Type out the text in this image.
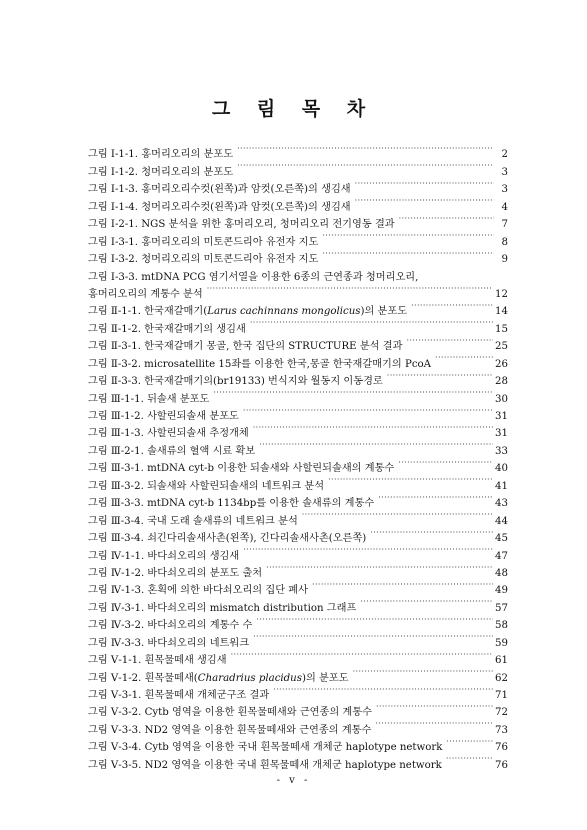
그 림 목 차
그림 Ⅰ-1-1. 홍머리오리의 분포도 ·····	2
그림 Ⅰ-1-2. 청머리오리의 분포도 ·····	3
그림 Ⅰ-1-3. 홍머리오리수컷(왼쪽)과 암컷(오른쪽)의 생김새 ·····	3
그림 Ⅰ-1-4. 청머리오리수컷(왼쪽)과 암컷(오른쪽)의 생김새 ·····	4
그림 Ⅰ-2-1. NGS 분석을 위한 홍머리오리, 청머리오리 전기영동 결과 ·····	7
그림 Ⅰ-3-1. 홍머리오리의 미토콘드리아 유전자 지도 ·····	8
그림 Ⅰ-3-2. 청머리오리의 미토콘드리아 유전자 지도 ·····	9
그림 Ⅰ-3-3. mtDNA PCG 염기서열을 이용한 6종의 근연종과 청머리오리,
홍머리오리의 계통수 분석 ·····	12
그림 Ⅱ-1-1. 한국재갈매기(Larus cachinnans mongolicus)의 분포도 ·····	14
그림 Ⅱ-1-2. 한국재갈매기의 생김새 ·····	15
그림 Ⅱ-3-1. 한국재갈매기 몽골, 한국 집단의 STRUCTURE 분석 결과 ·····	25
그림 Ⅱ-3-2. microsatellite 15좌를 이용한 한국,몽골 한국재갈매기의 PcoA ·····	26
그림 Ⅱ-3-3. 한국재갈매기의(br19133) 번식지와 월동지 이동경로 ·····	28
그림 Ⅲ-1-1. 뒤솔새 분포도 ·····	30
그림 Ⅲ-1-2. 사할린되솔새 분포도 ·····	31
그림 Ⅲ-1-3. 사할린되솔새 추정개체 ·····	31
그림 Ⅲ-2-1. 솔새류의 혈액 시료 확보 ·····	33
그림 Ⅲ-3-1. mtDNA cyt-b 이용한 되솔새와 사할린되솔새의 계통수 ·····	40
그림 Ⅲ-3-2. 되솔새와 사할린되솔새의 네트워크 분석 ·····	41
그림 Ⅲ-3-3. mtDNA cyt-b 1134bp를 이용한 솔새류의 계통수 ·····	43
그림 Ⅲ-3-4. 국내 도래 솔새류의 네트워크 분석 ·····	44
그림 Ⅲ-3-4. 쇠긴다리솔새사촌(왼쪽), 긴다리솔새사촌(오른쪽) ·····	45
그림 Ⅳ-1-1. 바다쇠오리의 생김새 ·····	47
그림 Ⅳ-1-2. 바다쇠오리의 분포도 출처 ·····	48
그림 Ⅳ-1-3. 혼획에 의한 바다쇠오리의 집단 폐사 ·····	49
그림 Ⅳ-3-1. 바다쇠오리의 mismatch distribution 그래프 ·····	57
그림 Ⅳ-3-2. 바다쇠오리의 계통수 수 ·····	58
그림 Ⅳ-3-3. 바다쇠오리의 네트워크 ·····	59
그림 Ⅴ-1-1. 흰목물떼새 생김새 ·····	61
그림 Ⅴ-1-2. 흰목물떼새(Charadrius placidus)의 분포도 ·····	62
그림 Ⅴ-3-1. 흰목물떼새 개체군구조 결과 ·····	71
그림 Ⅴ-3-2. Cytb 영역을 이용한 흰목물떼새와 근연종의 계통수 ·····	72
그림 Ⅴ-3-3. ND2 영역을 이용한 흰목물떼새와 근연종의 계통수 ·····	73
그림 Ⅴ-3-4. Cytb 영역을 이용한 국내 흰목물떼새 개체군 haplotype network ·····	76
그림 Ⅴ-3-5. ND2 영역을 이용한 국내 흰목물떼새 개체군 haplotype network ·····	76
- v -
